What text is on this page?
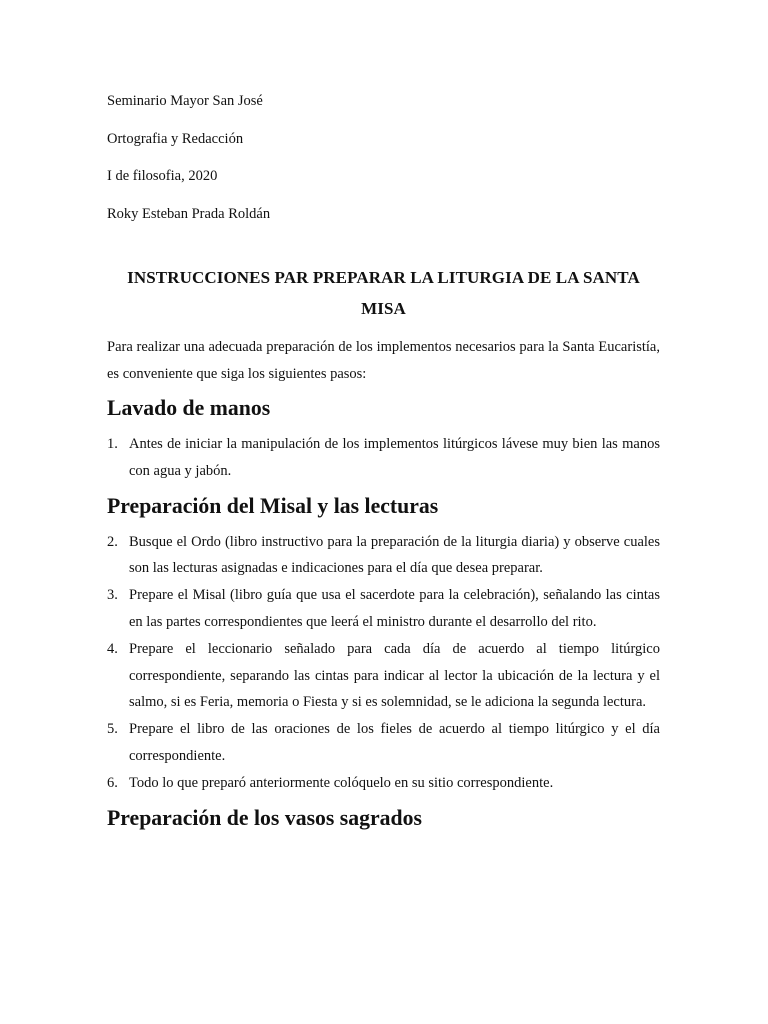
Seminario Mayor San José

Ortografia y Redacción

I de filosofia, 2020

Roky Esteban Prada Roldán

INSTRUCCIONES PAR PREPARAR LA LITURGIA DE LA SANTA
MISA

Para realizar una adecuada preparación de los implementos necesarios para la Santa Eucaristía, es conveniente que siga los siguientes pasos:

Lavado de manos
1. Antes de iniciar la manipulación de los implementos litúrgicos lávese muy bien las manos con agua y jabón.
Preparación del Misal y las lecturas
2. Busque el Ordo (libro instructivo para la preparación de la liturgia diaria) y observe cuales son las lecturas asignadas e indicaciones para el día que desea preparar.
3. Prepare el Misal (libro guía que usa el sacerdote para la celebración), señalando las cintas en las partes correspondientes que leerá el ministro durante el desarrollo del rito.
4. Prepare el leccionario señalado para cada día de acuerdo al tiempo litúrgico correspondiente, separando las cintas para indicar al lector la ubicación de la lectura y el salmo, si es Feria, memoria o Fiesta y si es solemnidad, se le adiciona la segunda lectura.
5. Prepare el libro de las oraciones de los fieles de acuerdo al tiempo litúrgico y el día correspondiente.
6. Todo lo que preparó anteriormente colóquelo en su sitio correspondiente.
Preparación de los vasos sagrados
